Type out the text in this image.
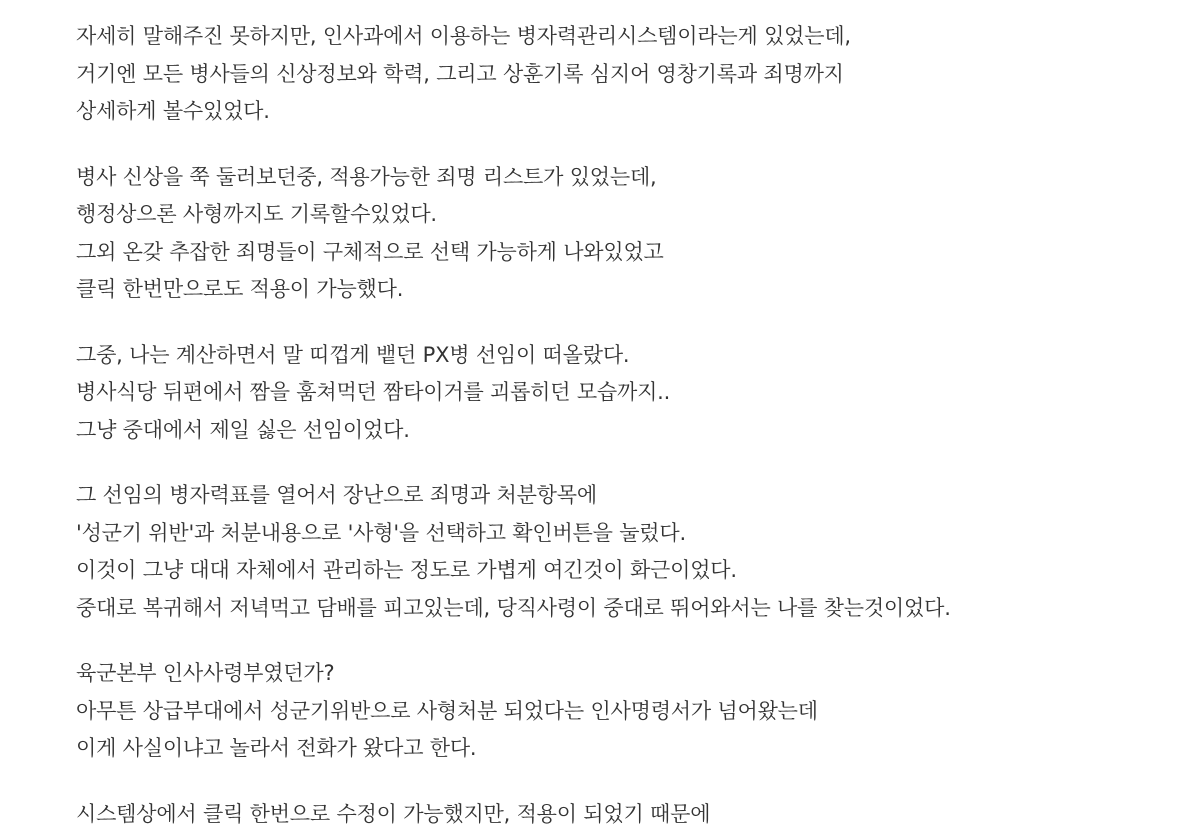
자세히 말해주진 못하지만, 인사과에서 이용하는 병자력관리시스템이라는게 있었는데,
거기엔 모든 병사들의 신상정보와 학력, 그리고 상훈기록 심지어 영창기록과 죄명까지
상세하게 볼수있었다.
병사 신상을 쭉 둘러보던중, 적용가능한 죄명 리스트가 있었는데,
행정상으론 사형까지도 기록할수있었다.
그외 온갖 추잡한 죄명들이 구체적으로 선택 가능하게 나와있었고
클릭 한번만으로도 적용이 가능했다.
그중, 나는 계산하면서 말 띠껍게 뱉던 PX병 선임이 떠올랐다.
병사식당 뒤편에서 짬을 훔쳐먹던 짬타이거를 괴롭히던 모습까지..
그냥 중대에서 제일 싫은 선임이었다.
그 선임의 병자력표를 열어서 장난으로 죄명과 처분항목에
'성군기 위반'과 처분내용으로 '사형'을 선택하고 확인버튼을 눌렀다.
이것이 그냥 대대 자체에서 관리하는 정도로 가볍게 여긴것이 화근이었다.
중대로 복귀해서 저녁먹고 담배를 피고있는데, 당직사령이 중대로 뛰어와서는 나를 찾는것이었다.
육군본부 인사사령부였던가?
아무튼 상급부대에서 성군기위반으로 사형처분 되었다는 인사명령서가 넘어왔는데
이게 사실이냐고 놀라서 전화가 왔다고 한다.
시스템상에서 클릭 한번으로 수정이 가능했지만, 적용이 되었기 때문에
